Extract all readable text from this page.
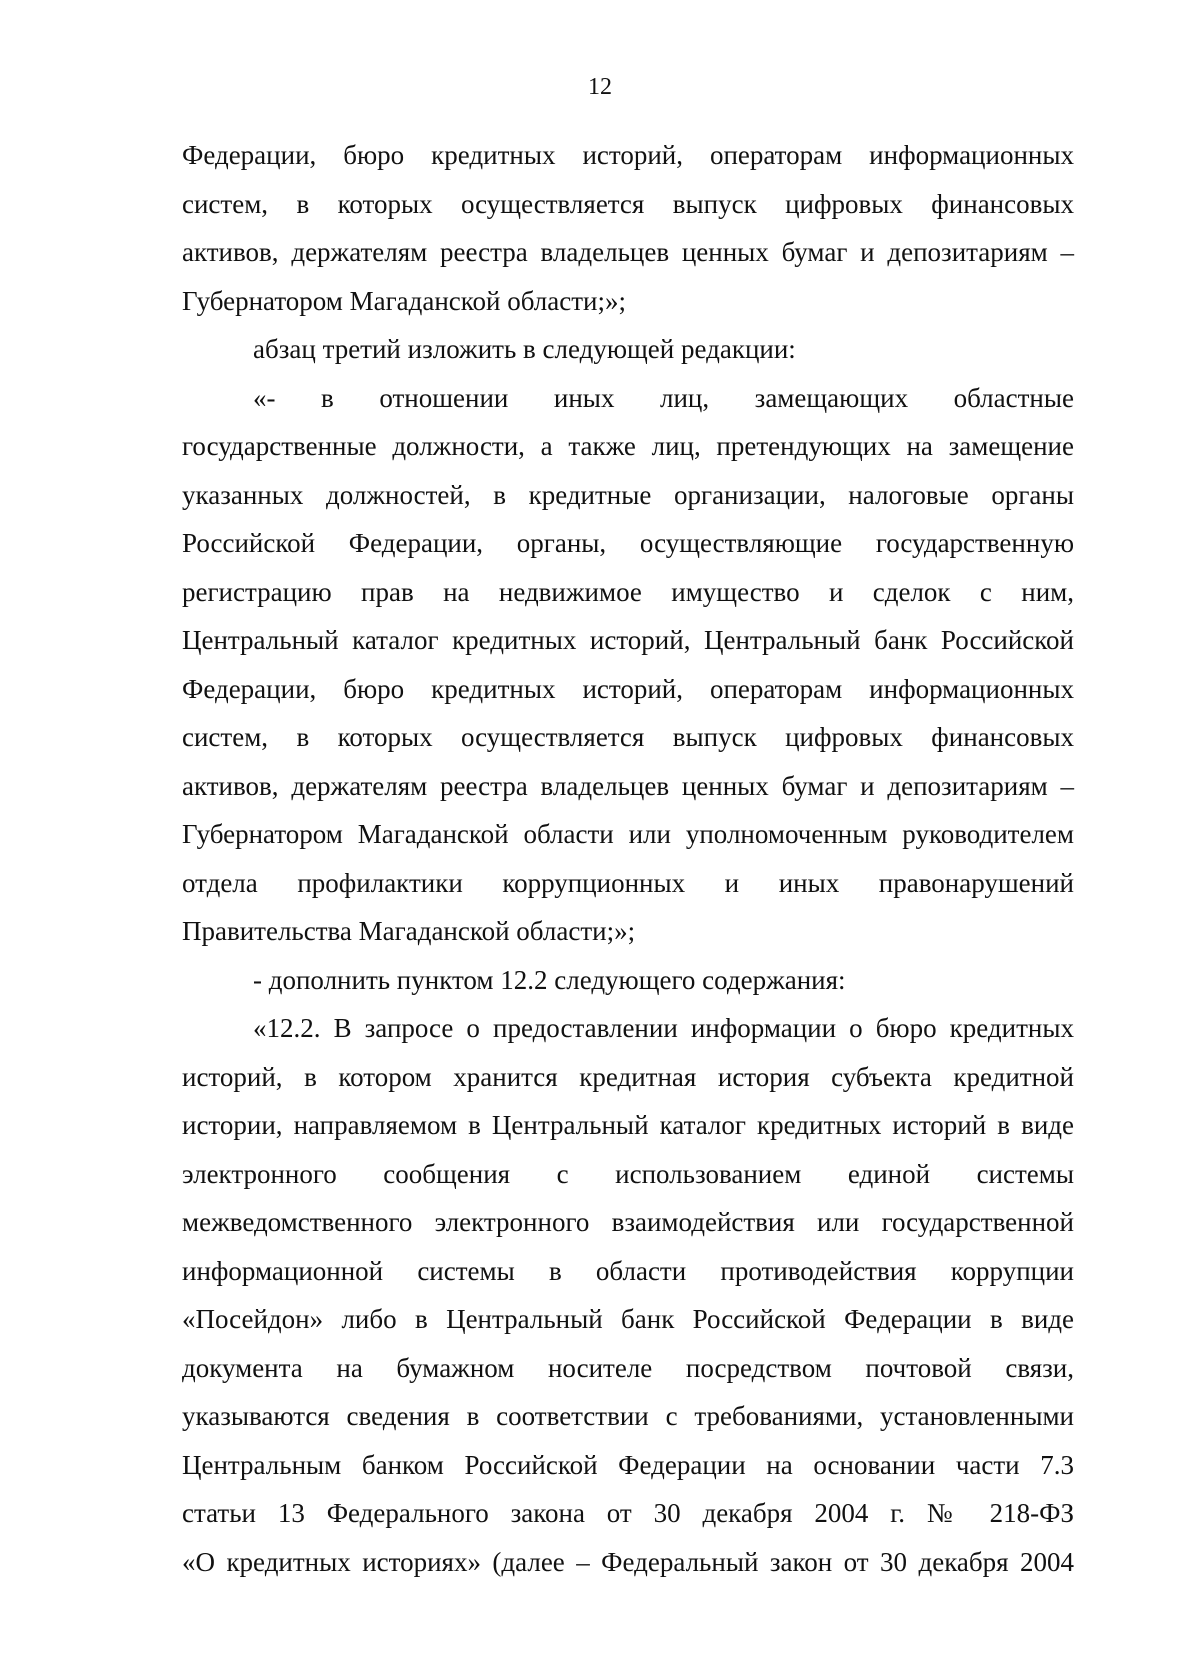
12
Федерации, бюро кредитных историй, операторам информационных
систем, в которых осуществляется выпуск цифровых финансовых
активов, держателям реестра владельцев ценных бумаг и депозитариям –
Губернатором Магаданской области;»;
абзац третий изложить в следующей редакции:
«- в отношении иных лиц, замещающих областные
государственные должности, а также лиц, претендующих на замещение
указанных должностей, в кредитные организации, налоговые органы
Российской Федерации, органы, осуществляющие государственную
регистрацию прав на недвижимое имущество и сделок с ним,
Центральный каталог кредитных историй, Центральный банк Российской
Федерации, бюро кредитных историй, операторам информационных
систем, в которых осуществляется выпуск цифровых финансовых
активов, держателям реестра владельцев ценных бумаг и депозитариям –
Губернатором Магаданской области или уполномоченным руководителем
отдела профилактики коррупционных и иных правонарушений
Правительства Магаданской области;»;
- дополнить пунктом 12.2 следующего содержания:
«12.2. В запросе о предоставлении информации о бюро кредитных
историй, в котором хранится кредитная история субъекта кредитной
истории, направляемом в Центральный каталог кредитных историй в виде
электронного сообщения с использованием единой системы
межведомственного электронного взаимодействия или государственной
информационной системы в области противодействия коррупции
«Посейдон» либо в Центральный банк Российской Федерации в виде
документа на бумажном носителе посредством почтовой связи,
указываются сведения в соответствии с требованиями, установленными
Центральным банком Российской Федерации на основании части 7.3
статьи 13 Федерального закона от 30 декабря 2004 г. № 218-ФЗ
«О кредитных историях» (далее – Федеральный закон от 30 декабря 2004
